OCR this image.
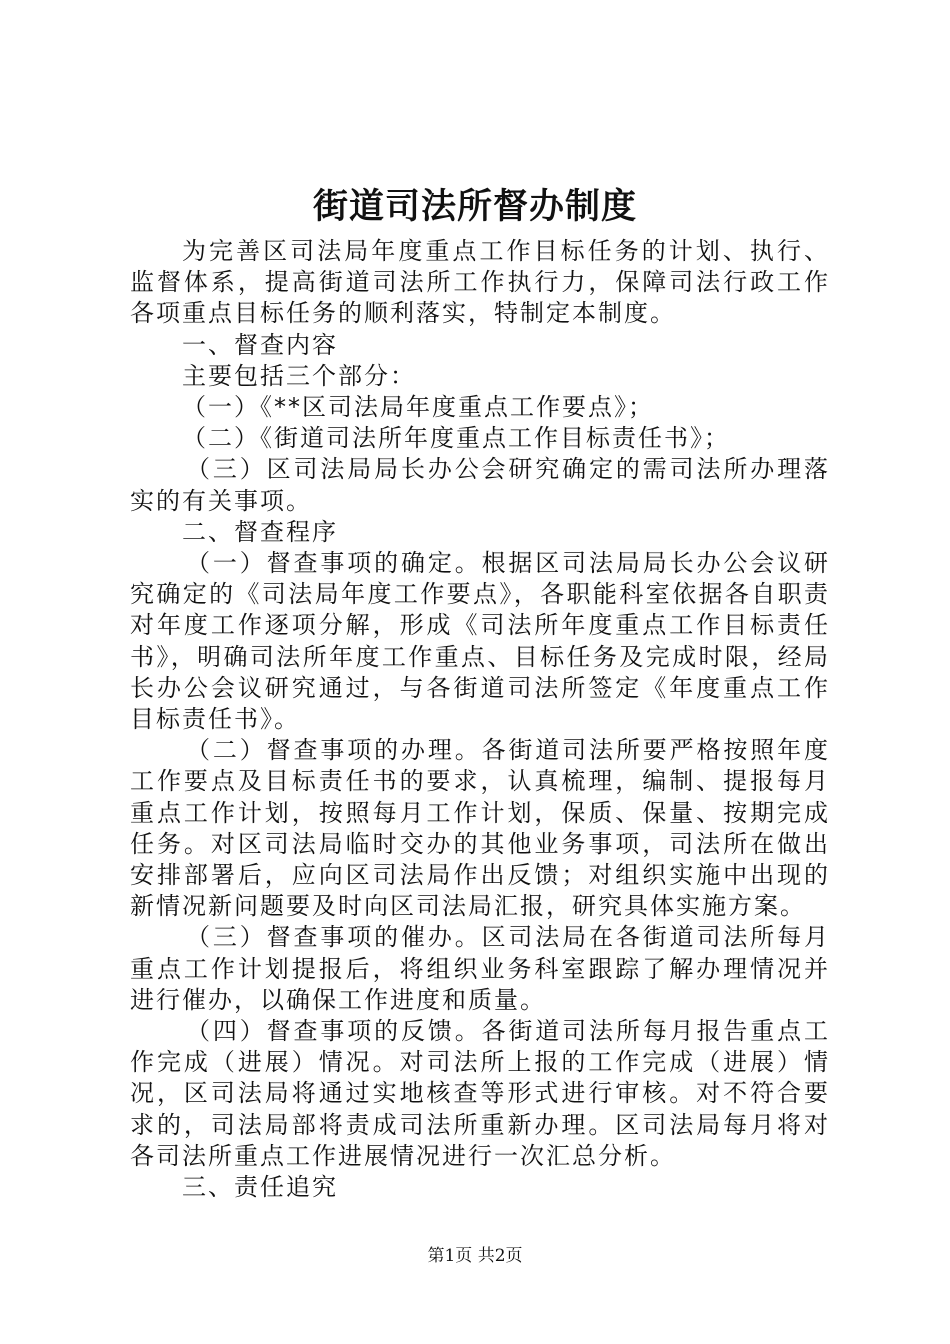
街道司法所督办制度

为完善区司法局年度重点工作目标任务的计划、执行、监督体系，提高街道司法所工作执行力，保障司法行政工作各项重点目标任务的顺利落实，特制定本制度。

一、督查内容

主要包括三个部分：

（一）《**区司法局年度重点工作要点》；

（二）《街道司法所年度重点工作目标责任书》；

（三）区司法局局长办公会研究确定的需司法所办理落实的有关事项。

二、督查程序

（一）督查事项的确定。根据区司法局局长办公会议研究确定的《司法局年度工作要点》，各职能科室依据各自职责对年度工作逐项分解，形成《司法所年度重点工作目标责任书》，明确司法所年度工作重点、目标任务及完成时限，经局长办公会议研究通过，与各街道司法所签定《年度重点工作目标责任书》。

（二）督查事项的办理。各街道司法所要严格按照年度工作要点及目标责任书的要求，认真梳理，编制、提报每月重点工作计划，按照每月工作计划，保质、保量、按期完成任务。对区司法局临时交办的其他业务事项，司法所在做出安排部署后，应向区司法局作出反馈；对组织实施中出现的新情况新问题要及时向区司法局汇报，研究具体实施方案。

（三）督查事项的催办。区司法局在各街道司法所每月重点工作计划提报后，将组织业务科室跟踪了解办理情况并进行催办，以确保工作进度和质量。

（四）督查事项的反馈。各街道司法所每月报告重点工作完成（进展）情况。对司法所上报的工作完成（进展）情况，区司法局将通过实地核查等形式进行审核。对不符合要求的，司法局部将责成司法所重新办理。区司法局每月将对各司法所重点工作进展情况进行一次汇总分析。

三、责任追究

第1页 共2页
